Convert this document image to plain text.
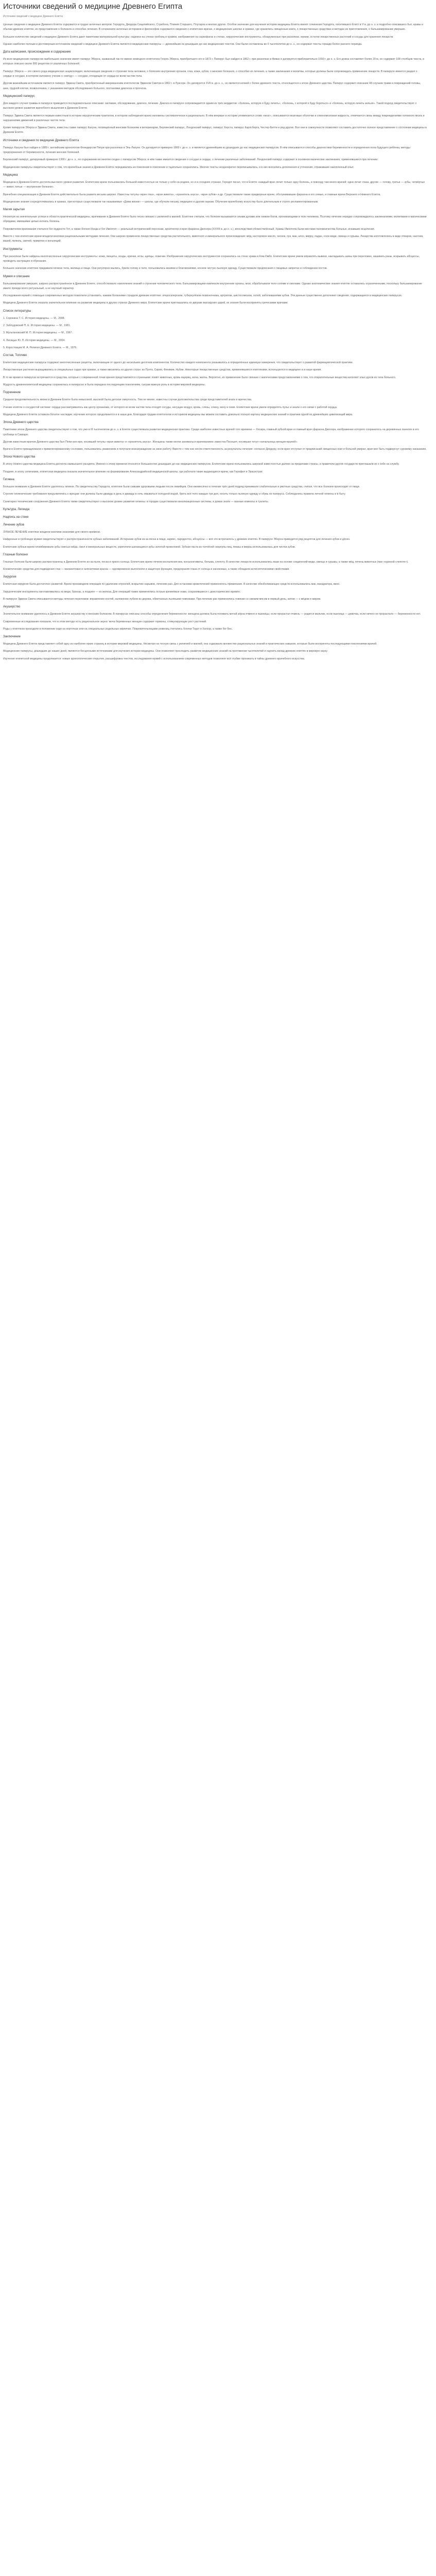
Источники сведений о медицине Древнего Египта
Источники сведений о медицине Древнего Египта

Ценные сведения о медицине Древнего Египта содержатся в трудах античных авторов: Геродота, Диодора Сицилийского, Страбона, Плиния Старшего, Плутарха и многих других. Особое значение для изучения истории медицины Египта имеют сочинения Геродота, посетившего Египт в V в. до н. э. и подробно описавшего быт, нравы и обычаи древних египтян, их представления о болезнях и способах лечения. В сочинениях античных историков и философов содержатся сведения о египетских врачах, о медицинских школах и храмах, где хранились священные книги, о лекарственных средствах и методах их приготовления, о бальзамировании умерших.

Большое количество сведений о медицине Древнего Египта дают памятники материальной культуры: надписи на стенах гробниц и храмов, изображения на саркофагах и стелах, хирургические инструменты, обнаруженные при раскопках, мумии, остатки лекарственных растений и сосуды для хранения лекарств.

Однако наиболее полным и достоверным источником сведений о медицине Древнего Египта являются медицинские папирусы — древнейшие из дошедших до нас медицинских текстов. Они были составлены во II тысячелетии до н. э., но содержат тексты гораздо более раннего периода.

Дата написания, происхождение и содержание

Из всех медицинских папирусов наибольшее значение имеет папирус Эберса, названный так по имени немецкого египтолога Георга Эберса, приобретшего его в 1873 г. Папирус был найден в 1862 г. при раскопках в Фивах и датируется приблизительно 1550 г. до н. э. Его длина составляет более 20 м, он содержит 108 столбцов текста, в которых описано около 900 рецептов от различных болезней.

Папирус Эберса — это своего рода медицинская энциклопедия, включающая сведения о строении тела человека, о болезнях внутренних органов, глаз, кожи, зубов, о женских болезнях, о способах их лечения, а также заклинания и молитвы, которые должны были сопровождать применение лекарств. В папирусе имеется раздел о сердце и сосудах, в котором изложено учение о «метду» — сосудах, отходящих от сердца ко всем частям тела.

Другим важнейшим источником является папирус Эдвина Смита, приобретенный американским египтологом Эдвином Смитом в 1862 г. в Луксоре. Он датируется XVII в. до н. э., но является копией с более древнего текста, относящегося к эпохе Древнего царства. Папирус содержит описание 48 случаев травм и повреждений головы, шеи, грудной клетки, позвоночника, с указанием методов обследования больного, постановки диагноза и прогноза.

Медицинский папирус

Для каждого случая травмы в папирусе приводится последовательное описание: заглавие, обследование, диагноз, лечение. Диагноз в папирусе сопровождается одним из трёх вердиктов: «болезнь, которую я буду лечить», «болезнь, с которой я буду бороться» и «болезнь, которую лечить нельзя». Такой подход свидетельствует о высоком уровне развития врачебного мышления в Древнем Египте.

Папирус Эдвина Смита является первым известным в истории хирургическим трактатом, в котором наблюдения врача изложены систематически и рационально. В нём впервые в истории упоминается слово «мозг», описываются мозговые оболочки и спинномозговая жидкость, отмечается связь между повреждениями головного мозга и нарушениями движений в различных частях тела.

Кроме папирусов Эберса и Эдвина Смита, известны также папирус Кахуна, посвящённый женским болезням и ветеринарии, Берлинский папирус, Лондонский папирус, папирус Херста, папирус Карлсберга, Честер-Битти и ряд других. Все они в совокупности позволяют составить достаточно полное представление о состоянии медицины в Древнем Египте.

Источники и сведения по медицине Древнего Египта

Папирус Кахуна был найден в 1889 г. английским археологом Флиндерсом Питри при раскопках в Эль-Лахуне. Он датируется примерно 1800 г. до н. э. и является древнейшим из дошедших до нас медицинских папирусов. В нём описываются способы диагностики беременности и определения пола будущего ребёнка, методы предохранения от беременности, лечения женских болезней.

Берлинский папирус, датируемый примерно 1300 г. до н. э., по содержанию во многом сходен с папирусом Эберса; в нём также имеются сведения о сосудах и сердце, о лечении различных заболеваний. Лондонский папирус содержит в основном магические заклинания, применявшиеся при лечении.

Медицинские папирусы свидетельствуют о том, что врачебные знания в Древнем Египте передавались из поколения в поколение и тщательно сохранялись. Многие тексты неоднократно переписывались, и в них вносились дополнения и уточнения, отражавшие накопленный опыт.

Медицина

Медицина в Древнем Египте достигла высокого уровня развития. Египетские врачи пользовались большой известностью не только у себя на родине, но и в соседних странах. Геродот писал, что в Египте «каждый врач лечит только одну болезнь, и повсюду там много врачей: одни лечат глаза, другие — голову, третьи — зубы, четвёртые — живот, пятые — внутренние болезни».

Врачебная специализация в Древнем Египте действительно была развита весьма широко. Известны титулы «врач глаз», «врач живота», «хранитель ануса», «врач зубов» и др. Существовали также придворные врачи, обслуживавшие фараона и его семью, и главные врачи Верхнего и Нижнего Египта.

Медицинские знания сосредоточивались в храмах, при которых существовали так называемые «Дома жизни» — школы, где обучали письму, медицине и другим наукам. Обучение врачебному искусству было длительным и строго регламентированным.

Магия зарытая

Несмотря на значительные успехи в области практической медицины, врачевание в Древнем Египте было тесно связано с религией и магией. Египтяне считали, что болезни вызываются злыми духами или гневом богов, проникающими в тело человека. Поэтому лечение нередко сопровождалось заклинаниями, молитвами и магическими обрядами, имевшими целью изгнать болезнь.

Покровителем врачевания считался бог мудрости Тот, а также богиня Исида и бог Имхотеп — реальный исторический персонаж, архитектор и врач фараона Джосера (XXVIII в. до н. э.), впоследствии обожествлённый. Храмы Имхотепа были местами паломничества больных, искавших исцеления.

Вместе с тем египетские врачи владели многими рациональными методами лечения. Они широко применяли лекарственные средства растительного, животного и минерального происхождения: мёд, касторовое масло, чеснок, лук, мак, алоэ, мирру, ладан, соли меди, свинца и сурьмы. Лекарства изготовлялись в виде отваров, настоев, мазей, пилюль, свечей, примочек и ингаляций.

Инструменты

При раскопках были найдены многочисленные хирургические инструменты: ножи, пинцеты, зонды, крючки, иглы, щипцы, ложечки. Изображения хирургических инструментов сохранились на стене храма в Ком-Омбо. Египетские врачи умели вправлять вывихи, накладывать шины при переломах, зашивать раны, вскрывать абсцессы, проводить кастрацию и обрезание.

Большое значение египтяне придавали гигиене тела, жилища и пищи. Они регулярно мылись, брили голову и тело, пользовались мазями и благовониями, носили чистую льняную одежду. Существовали предписания о пищевых запретах и соблюдении постов.

Мумия и описание

Бальзамирование умерших, широко распространённое в Древнем Египте, способствовало накоплению знаний о строении человеческого тела. Бальзамировщики извлекали внутренние органы, мозг, обрабатывали тело солями и смолами. Однако анатомические знания египтян оставались ограниченными, поскольку бальзамирование имело прежде всего ритуальный, а не научный характер.

Исследования мумий с помощью современных методов позволили установить, какими болезнями страдали древние египтяне: атеросклерозом, туберкулёзом позвоночника, артритом, шистосомозом, оспой, заболеваниями зубов. Эти данные существенно дополняют сведения, содержащиеся в медицинских папирусах.

Медицина Древнего Египта оказала значительное влияние на развитие медицины в других странах Древнего мира. Египетские врачи приглашались ко дворам персидских царей, их знания были восприняты греческими врачами.

Список литературы
1. Сорокина Т. С. История медицины. — М., 2008.
2. Заблудовский П. Е. История медицины. — М., 1981.
3. Мультановский М. П. История медицины. — М., 1967.
4. Лисицын Ю. П. История медицины. — М., 2004.
5. Коростовцев М. А. Религия Древнего Египта. — М., 1976.
Состав, Топливо

Египетские медицинские папирусы содержат многочисленные рецепты, включающие от одного до нескольких десятков компонентов. Количество каждого компонента указывалось в определённых единицах измерения, что свидетельствует о развитой фармацевтической практике.

Лекарственные растения выращивались в специальных садах при храмах, а также ввозились из других стран: из Пунта, Сирии, Финикии, Нубии. Некоторые лекарственные средства, применявшиеся египтянами, используются в медицине и в наше время.

В то же время в папирусах встречаются и средства, которые с современной точки зрения представляются странными: помёт животных, кровь ящериц, моча, желчь. Вероятно, их применение было связано с магическими представлениями о том, что отвратительные вещества изгоняют злых духов из тела больного.

Мудрость древнеегипетской медицины сохранилась в папирусах и была передана последующим поколениям, сыграв важную роль в истории мировой медицины.

Подчинение

Средняя продолжительность жизни в Древнем Египте была невысокой, высокой была детская смертность. Тем не менее, известны случаи долгожительства среди представителей знати и жречества.

Учение египтян о сосудистой системе: сердце рассматривалось как центр организма, от которого ко всем частям тела отходят сосуды, несущие воздух, кровь, слёзы, слюну, мочу и семя. Египетские врачи умели определять пульс и знали о его связи с работой сердца.

Медицина Древнего Египта оставила богатое наследие, изучение которого продолжается и в наши дни. Благодаря трудам египтологов и историков медицины мы можем составить довольно полную картину медицинских знаний и практики одной из древнейших цивилизаций мира.

Эпоха Древнего царства

Памятники эпохи Древнего царства свидетельствуют о том, что уже в III тысячелетии до н. э. в Египте существовала развитая медицинская практика. Среди наиболее известных врачей того времени — Хесира, главный зубной врач и главный врач фараона Джосера, изображение которого сохранилось на деревянных панелях в его гробнице в Саккаре.

Другим известным врачом Древнего царства был Пепи-анх-ири, носивший титулы «врач живота» и «хранитель ануса». Женщины также могли заниматься врачеванием: известна Песешет, носившая титул «начальница женщин-врачей».

Врачи в Египте принадлежали к привилегированному сословию, пользовались уважением и получали вознаграждение за свою работу. Вместе с тем они несли ответственность за результаты лечения: согласно Диодору, если врач отступал от предписаний священных книг и больной умирал, врач мог быть подвергнут суровому наказанию.

Эпоха Нового царства

В эпоху Нового царства медицина Египта достигла наивысшего расцвета. Именно к этому времени относится большинство дошедших до нас медицинских папирусов. Египетские врачи пользовались широкой известностью далеко за пределами страны, и правители других государств приглашали их к себе на службу.

Позднее, в эпоху эллинизма, египетская медицина оказала значительное влияние на формирование Александрийской медицинской школы, где работали такие выдающиеся врачи, как Герофил и Эрасистрат.

Гигиена

Большое внимание в Древнем Египте уделялось гигиене. По свидетельству Геродота, египтяне были самыми здоровыми людьми после ливийцев. Они ежемесячно в течение трёх дней подряд принимали слабительные и рвотные средства, считая, что все болезни происходят от пищи.

Строгие гигиенические требования предъявлялись к жрецам: они должны были дважды в день и дважды в ночь омываться холодной водой, брить всё тело каждые три дня, носить только льняную одежду и обувь из папируса. Соблюдались правила личной гигиены и в быту.

Санитарно-технические сооружения Древнего Египта также свидетельствуют о высоком уровне развития гигиены: в городах существовали канализационные системы, в домах знати — ванные комнаты и туалеты.

Культура, Легенда
Надпись на стене
Лечение зубов

ЗУБНОЕ ЛЕЧЕНИЕ египтяне владели многими знаниями для своего времени.

Найденные в гробницах мумии свидетельствуют о распространённости зубных заболеваний. Истирание зубов из-за песка в пище, кариес, пародонтоз, абсцессы — всё это встречалось у древних египтян. В папирусе Эберса приводится ряд рецептов для лечения зубов и дёсен.

Египетские зубные врачи пломбировали зубы смесью мёда, смол и минеральных веществ, укрепляли шатающиеся зубы золотой проволокой. Зубная паста из толчёной скорлупы яиц, пемзы и мирры использовалась для чистки зубов.

Глазные болезни

Глазные болезни были широко распространены в Древнем Египте из-за пыли, песка и яркого солнца. Египетские врачи лечили воспаления век, конъюнктивиты, бельма, слепоту. В качестве лекарств использовались мази на основе соединений меди, свинца и сурьмы, а также мёд, печень животных (при «куриной слепоте»).

Косметические средства для подведения глаз — малахитовая и галенитовая краска — одновременно выполняли и защитную функцию, предохраняя глаза от солнца и насекомых, а также обладали антисептическими свойствами.

Хирургия

Египетская хирургия была достаточно развитой. Врачи производили операции по удалению опухолей, вскрытию нарывов, лечению ран. Для остановки кровотечений применялось прижигание. В качестве обезболивающих средств использовались мак, мандрагора, вино.

Хирургические инструменты изготавливались из меди, бронзы, а позднее — из железа. Для операций также применялись острые кремнёвые ножи, сохранившиеся с доисторических времён.

В папирусе Эдвина Смита описываются методы лечения переломов: вправление костей, наложение лубков из дерева, обмотанных льняными повязками. При лечении ран применялись повязки со свежим мясом в первый день, затем — с мёдом и жиром.

Акушерство

Значительное внимание уделялось в Древнем Египте акушерству и женским болезням. В папирусах описаны способы определения беременности: женщина должна была поливать мочой зёрна ячменя и пшеницы; если прорастал ячмень — родится мальчик, если пшеница — девочка, если ничего не прорастало — беременности нет.

Современные исследования показали, что в этом методе есть рациональное зерно: моча беременных женщин содержит гормоны, стимулирующие рост растений.

Роды у египтянок проходили в положении сидя на корточках или на специальных родильных кирпичах. Покровительницами рожениц считались богини Таурт и Хатхор, а также бог Бес.

Заключение

Медицина Древнего Египта представляет собой одну из наиболее ярких страниц в истории мировой медицины. Несмотря на тесную связь с религией и магией, она содержала множество рациональных знаний и практических навыков, которые были восприняты последующими поколениями врачей.

Медицинские папирусы, дошедшие до наших дней, являются бесценными источниками для изучения истории медицины. Они позволяют проследить развитие медицинских знаний на протяжении тысячелетий и оценить вклад древних египтян в мировую науку.

Изучение египетской медицины продолжается: новые археологические открытия, расшифровка текстов, исследования мумий с использованием современных методов позволяют всё глубже проникать в тайны древнего врачебного искусства.
